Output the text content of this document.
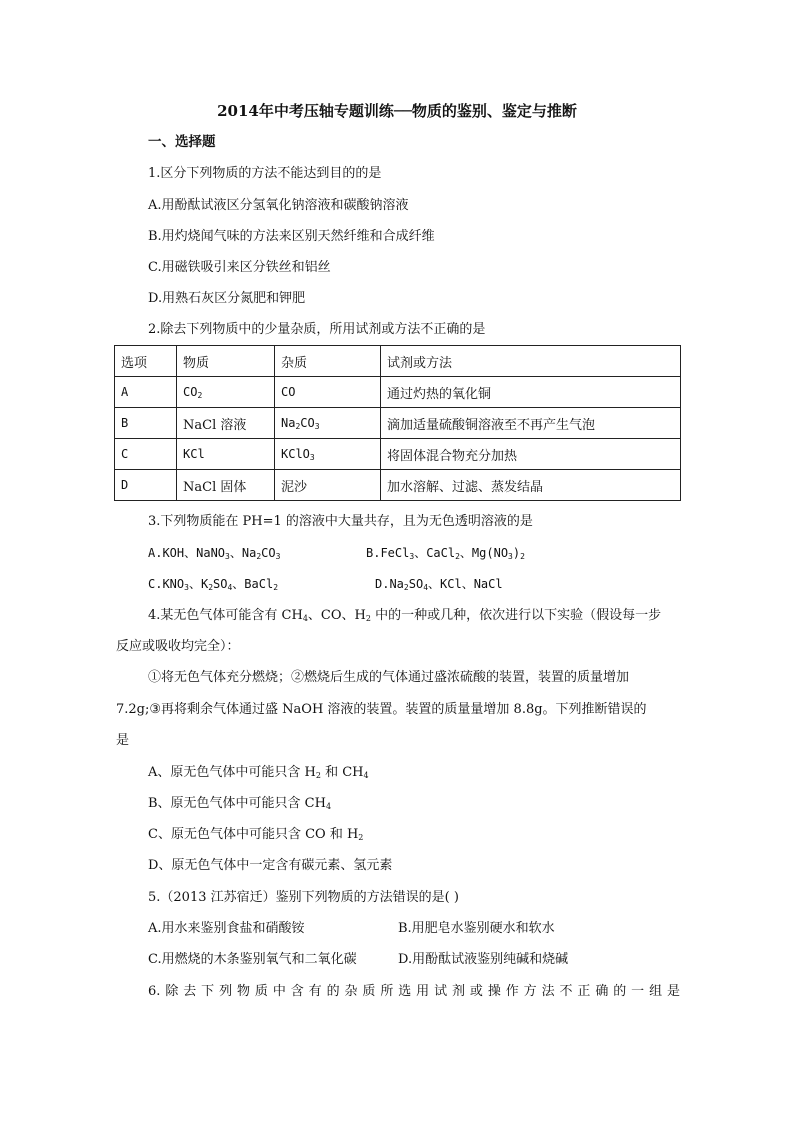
2014年中考压轴专题训练──物质的鉴别、鉴定与推断
一、选择题
1.区分下列物质的方法不能达到目的的是
A.用酚酞试液区分氢氧化钠溶液和碳酸钠溶液
B.用灼烧闻气味的方法来区别天然纤维和合成纤维
C.用磁铁吸引来区分铁丝和铝丝
D.用熟石灰区分氮肥和钾肥
2.除去下列物质中的少量杂质，所用试剂或方法不正确的是
选项	物质	杂质	试剂或方法
A	$CO_2$	CO	通过灼热的氧化铜
B	NaCl 溶液	$Na_2CO_3$	滴加适量硫酸铜溶液至不再产生气泡
C	KCl	KClO$_3$	将固体混合物充分加热
D	NaCl 固体	泥沙	加水溶解、过滤、蒸发结晶
3.下列物质能在 PH=1 的溶液中大量共存，且为无色透明溶液的是
A.KOH、NaNO$_3$、$Na_2CO_3$	B.FeCl$_3$、CaCl$_2$、$Mg(NO_3)_2$
$C.KNO_3$、$K_2SO_4$、BaCl$_2$	$D.Na_2SO_4$、KCl、NaCl
4.某无色气体可能含有 $CH_4$、CO、$H_2$ 中的一种或几种，依次进行以下实验（假设每一步
反应或吸收均完全）：
①将无色气体充分燃烧；②燃烧后生成的气体通过盛浓硫酸的装置，装置的质量增加
7.2g;③再将剩余气体通过盛 NaOH 溶液的装置。装置的质量量增加 8.8g。下列推断错误的
是
A、原无色气体中可能只含 $H_2$ 和 $CH_4$
B、原无色气体中可能只含 $CH_4$
C、原无色气体中可能只含 CO 和 $H_2$
D、原无色气体中一定含有碳元素、氢元素
5.（2013 江苏宿迁）鉴别下列物质的方法错误的是( )
A.用水来鉴别食盐和硝酸铵	B.用肥皂水鉴别硬水和软水
C.用燃烧的木条鉴别氧气和二氧化碳	D.用酚酞试液鉴别纯碱和烧碱
6.除去下列物质中含有的杂质所选用试剂或操作方法不正确的一组是
